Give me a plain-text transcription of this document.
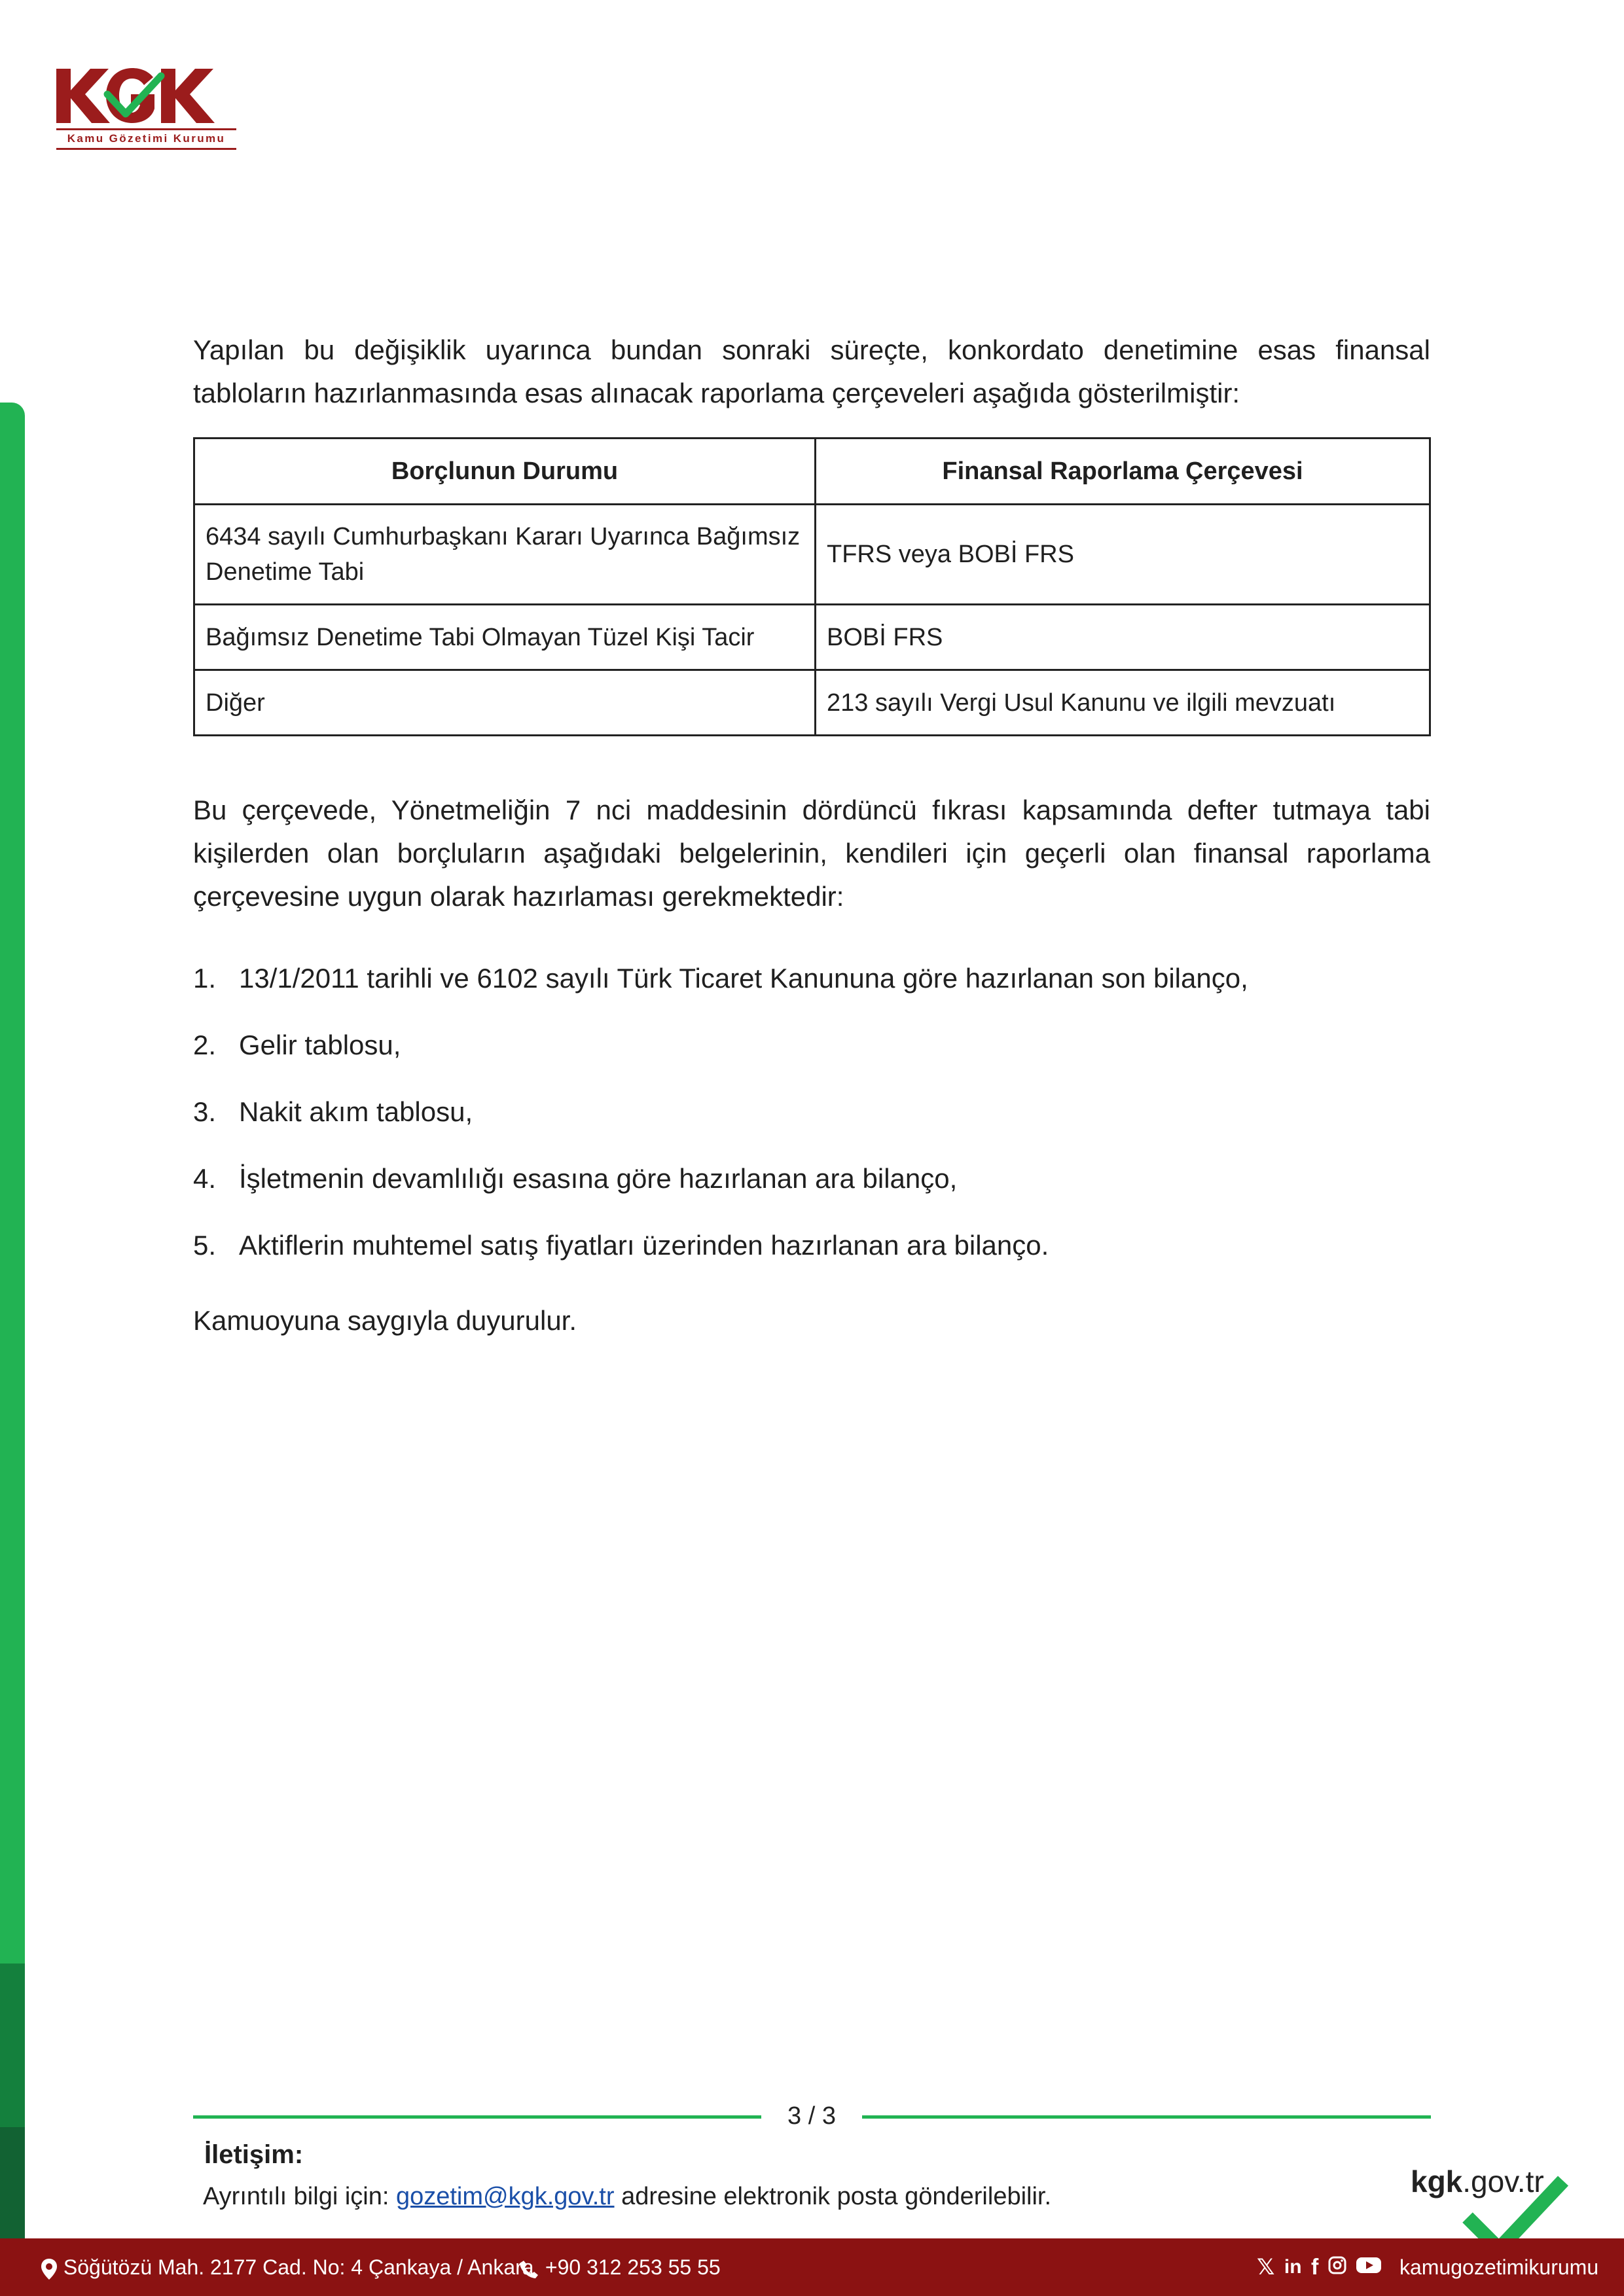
Kamu Gözetimi Kurumu

Yapılan bu değişiklik uyarınca bundan sonraki süreçte, konkordato denetimine esas finansal tabloların hazırlanmasında esas alınacak raporlama çerçeveleri aşağıda gösterilmiştir:

Borçlunun Durumu	Finansal Raporlama Çerçevesi
6434 sayılı Cumhurbaşkanı Kararı Uyarınca Bağımsız Denetime Tabi	TFRS veya BOBİ FRS
Bağımsız Denetime Tabi Olmayan Tüzel Kişi Tacir	BOBİ FRS
Diğer	213 sayılı Vergi Usul Kanunu ve ilgili mevzuatı

Bu çerçevede, Yönetmeliğin 7 nci maddesinin dördüncü fıkrası kapsamında defter tutmaya tabi kişilerden olan borçluların aşağıdaki belgelerinin, kendileri için geçerli olan finansal raporlama çerçevesine uygun olarak hazırlaması gerekmektedir:

1. 13/1/2011 tarihli ve 6102 sayılı Türk Ticaret Kanununa göre hazırlanan son bilanço,
2. Gelir tablosu,
3. Nakit akım tablosu,
4. İşletmenin devamlılığı esasına göre hazırlanan ara bilanço,
5. Aktiflerin muhtemel satış fiyatları üzerinden hazırlanan ara bilanço.

Kamuoyuna saygıyla duyurulur.

3 / 3
İletişim:
Ayrıntılı bilgi için: gozetim@kgk.gov.tr adresine elektronik posta gönderilebilir.	kgk.gov.tr
Söğütözü Mah. 2177 Cad. No: 4 Çankaya / Ankara +90 312 253 55 55	𝕏 in f	kamugozetimikurumu
